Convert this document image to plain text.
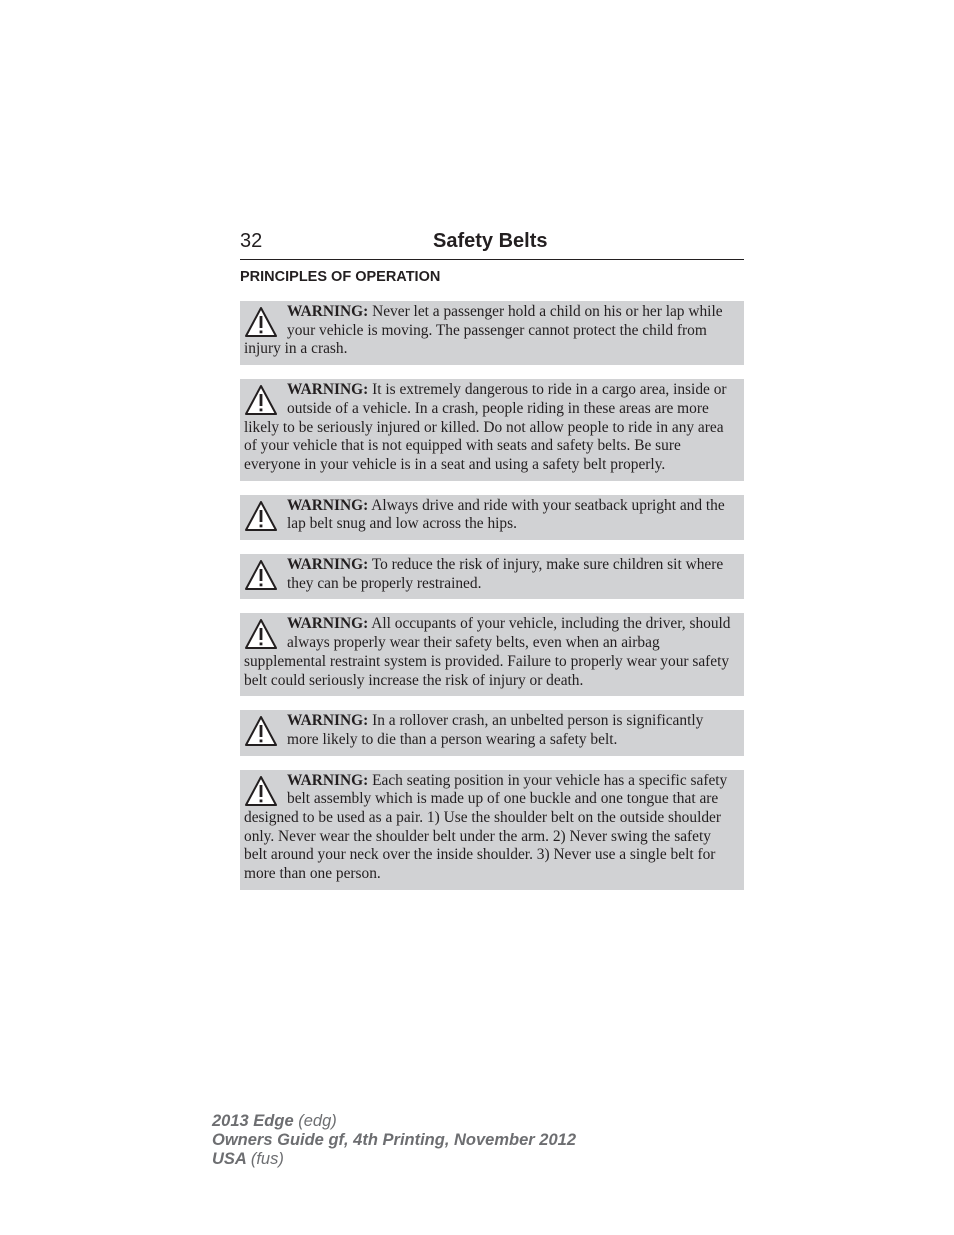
32	Safety Belts
PRINCIPLES OF OPERATION
WARNING: Never let a passenger hold a child on his or her lap while your vehicle is moving. The passenger cannot protect the child from injury in a crash.
WARNING: It is extremely dangerous to ride in a cargo area, inside or outside of a vehicle. In a crash, people riding in these areas are more likely to be seriously injured or killed. Do not allow people to ride in any area of your vehicle that is not equipped with seats and safety belts. Be sure everyone in your vehicle is in a seat and using a safety belt properly.
WARNING: Always drive and ride with your seatback upright and the lap belt snug and low across the hips.
WARNING: To reduce the risk of injury, make sure children sit where they can be properly restrained.
WARNING: All occupants of your vehicle, including the driver, should always properly wear their safety belts, even when an airbag supplemental restraint system is provided. Failure to properly wear your safety belt could seriously increase the risk of injury or death.
WARNING: In a rollover crash, an unbelted person is significantly more likely to die than a person wearing a safety belt.
WARNING: Each seating position in your vehicle has a specific safety belt assembly which is made up of one buckle and one tongue that are designed to be used as a pair. 1) Use the shoulder belt on the outside shoulder only. Never wear the shoulder belt under the arm. 2) Never swing the safety belt around your neck over the inside shoulder. 3) Never use a single belt for more than one person.
2013 Edge (edg)
Owners Guide gf, 4th Printing, November 2012
USA (fus)
